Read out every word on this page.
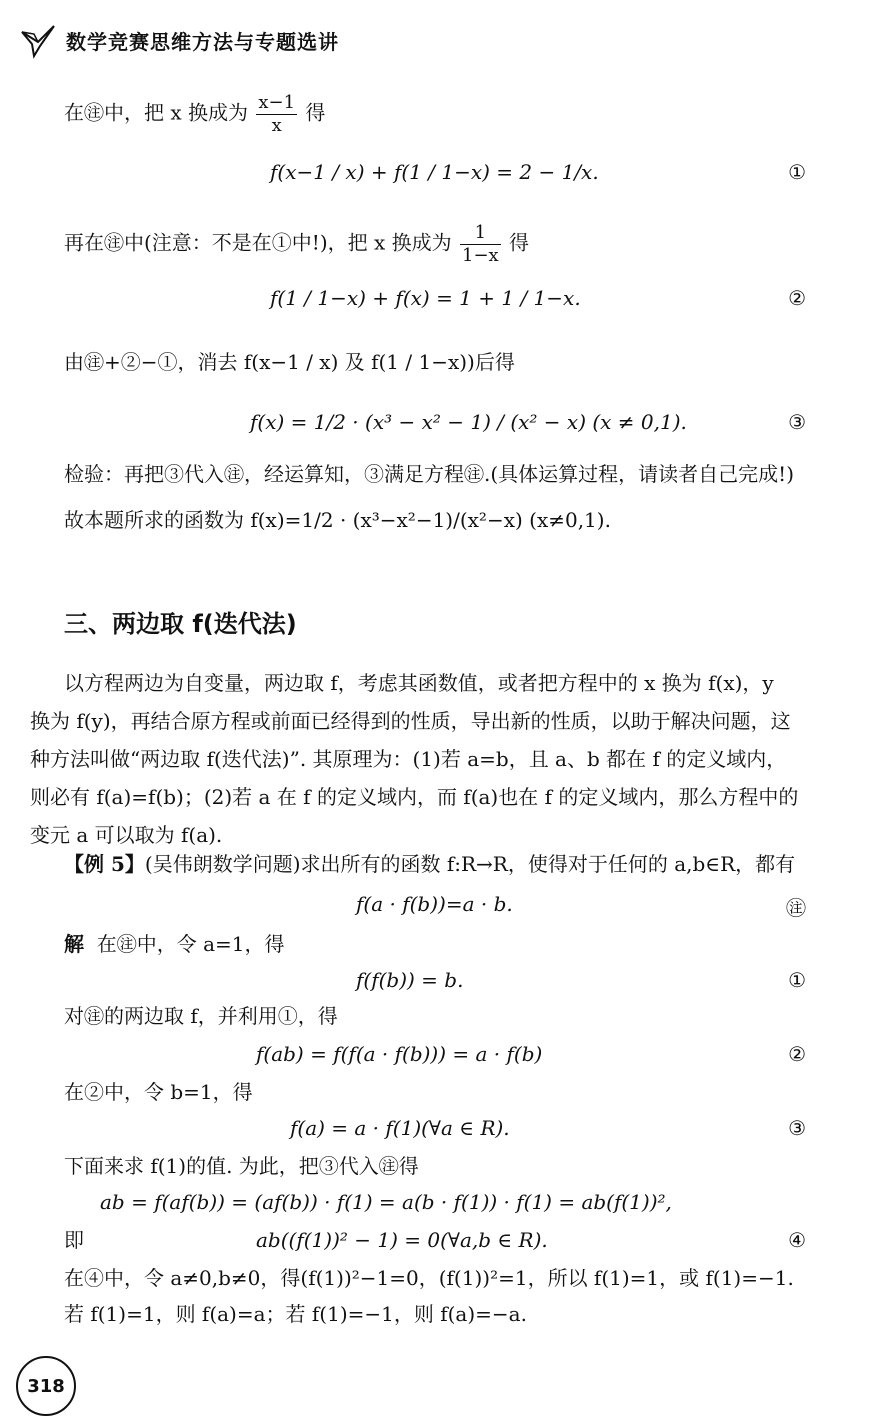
数学竞赛思维方法与专题选讲
在㊟中，把 x 换成为 $\frac{x-1}{x}$ 得
f(x−1 / x) + f(1 / 1−x) = 2 − 1/x.	①
再在㊟中(注意：不是在①中!)，把 x 换成为 $\frac{1}{1-x}$ 得
f(1 / 1−x) + f(x) = 1 + 1 / 1−x.	②
由㊟+②−①，消去 f(x−1 / x) 及 f(1 / 1−x))后得
f(x) = 1/2 · (x³ − x² − 1) / (x² − x) (x ≠ 0,1).	③
检验：再把③代入㊟，经运算知，③满足方程㊟.(具体运算过程，请读者自己完成!)
故本题所求的函数为 f(x)=1/2 · (x³−x²−1)/(x²−x) (x≠0,1).
三、两边取 f(迭代法)
以方程两边为自变量，两边取 f，考虑其函数值，或者把方程中的 x 换为 f(x)，y 换为 f(y)，再结合原方程或前面已经得到的性质，导出新的性质，以助于解决问题，这种方法叫做“两边取 f(迭代法)”. 其原理为：(1)若 a=b，且 a、b 都在 f 的定义域内，则必有 f(a)=f(b)；(2)若 a 在 f 的定义域内，而 f(a)也在 f 的定义域内，那么方程中的变元 a 可以取为 f(a).
【例 5】(吴伟朗数学问题)求出所有的函数 f:R→R，使得对于任何的 a,b∈R，都有
f(a · f(b))=a · b.	㊟
解 在㊟中，令 a=1，得
f(f(b)) = b.	①
对㊟的两边取 f，并利用①，得
f(ab) = f(f(a · f(b))) = a · f(b)	②
在②中，令 b=1，得
f(a) = a · f(1)(∀a ∈ R).	③
下面来求 f(1)的值. 为此，把③代入㊟得
ab = f(af(b)) = (af(b)) · f(1) = a(b · f(1)) · f(1) = ab(f(1))²,
即	ab((f(1))² − 1) = 0(∀a,b ∈ R).	④
在④中，令 a≠0,b≠0，得(f(1))²−1=0，(f(1))²=1，所以 f(1)=1，或 f(1)=−1.
若 f(1)=1，则 f(a)=a；若 f(1)=−1，则 f(a)=−a.
318
